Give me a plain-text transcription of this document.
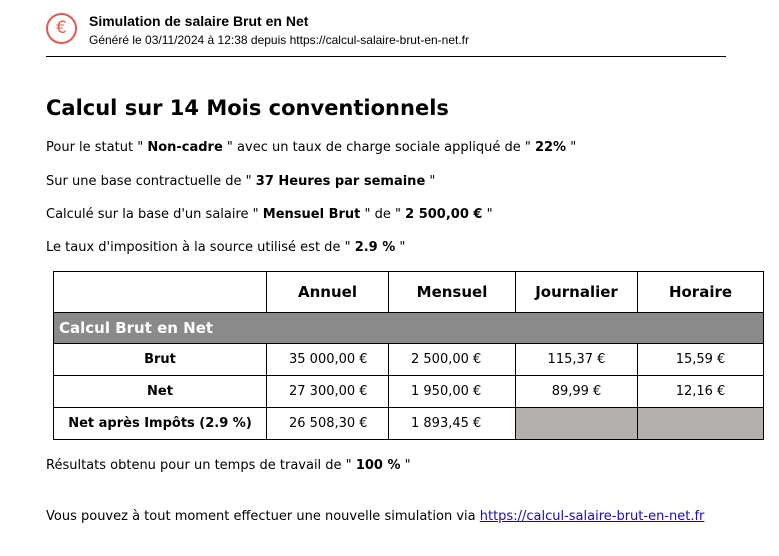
€	Simulation de salaire Brut en Net
Généré le 03/11/2024 à 12:38 depuis https://calcul-salaire-brut-en-net.fr
Calcul sur 14 Mois conventionnels
Pour le statut " Non-cadre " avec un taux de charge sociale appliqué de " 22% "
Sur une base contractuelle de " 37 Heures par semaine "
Calculé sur la base d'un salaire " Mensuel Brut " de " 2 500,00 € "
Le taux d'imposition à la source utilisé est de " 2.9 % "
	Annuel	Mensuel	Journalier	Horaire
Calcul Brut en Net				
Brut	35 000,00 €	2 500,00 €	115,37 €	15,59 €
Net	27 300,00 €	1 950,00 €	89,99 €	12,16 €
Net après Impôts (2.9 %)	26 508,30 €	1 893,45 €		
Résultats obtenu pour un temps de travail de " 100 % "
Vous pouvez à tout moment effectuer une nouvelle simulation via https://calcul-salaire-brut-en-net.fr
